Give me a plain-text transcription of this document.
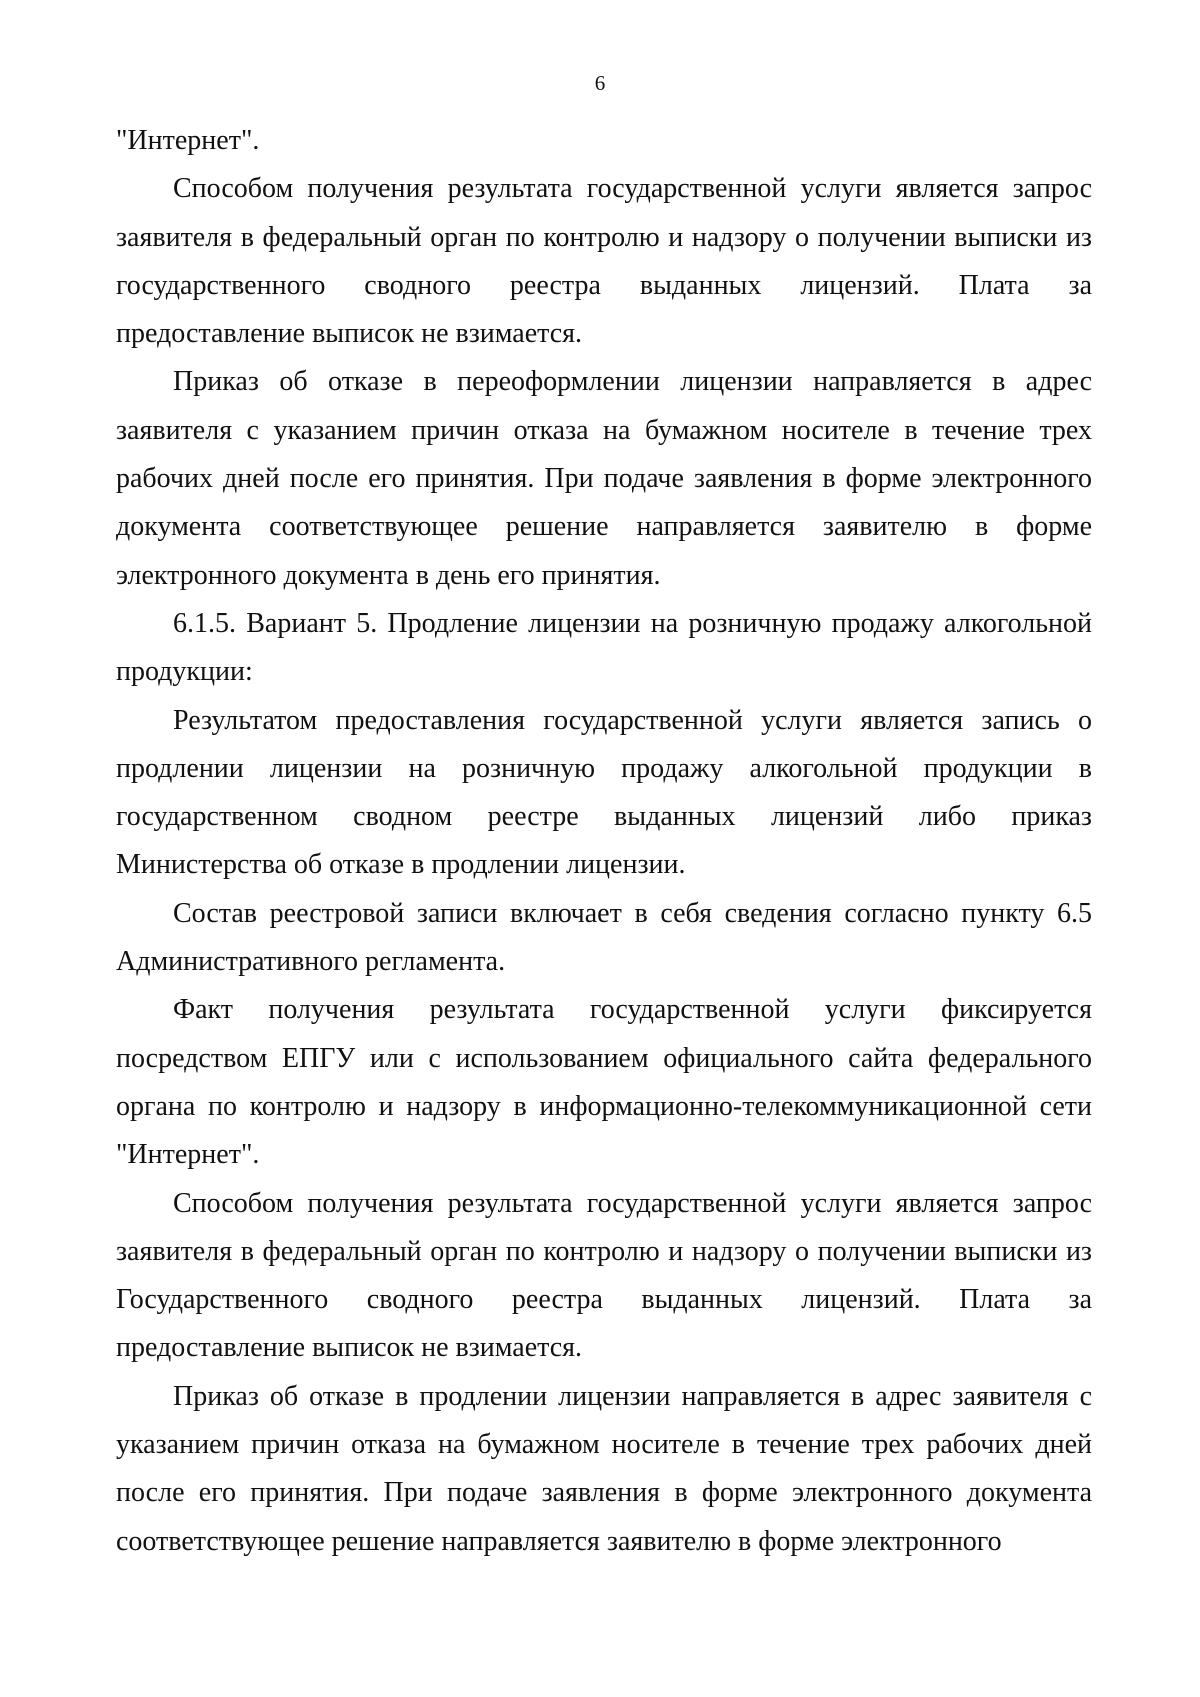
6

"Интернет".

Способом получения результата государственной услуги является запрос заявителя в федеральный орган по контролю и надзору о получении выписки из государственного сводного реестра выданных лицензий. Плата за предоставление выписок не взимается.

Приказ об отказе в переоформлении лицензии направляется в адрес заявителя с указанием причин отказа на бумажном носителе в течение трех рабочих дней после его принятия. При подаче заявления в форме электронного документа соответствующее решение направляется заявителю в форме электронного документа в день его принятия.

6.1.5. Вариант 5. Продление лицензии на розничную продажу алкогольной продукции:

Результатом предоставления государственной услуги является запись о продлении лицензии на розничную продажу алкогольной продукции в государственном сводном реестре выданных лицензий либо приказ Министерства об отказе в продлении лицензии.

Состав реестровой записи включает в себя сведения согласно пункту 6.5 Административного регламента.

Факт получения результата государственной услуги фиксируется посредством ЕПГУ или с использованием официального сайта федерального органа по контролю и надзору в информационно-телекоммуникационной сети "Интернет".

Способом получения результата государственной услуги является запрос заявителя в федеральный орган по контролю и надзору о получении выписки из Государственного сводного реестра выданных лицензий. Плата за предоставление выписок не взимается.

Приказ об отказе в продлении лицензии направляется в адрес заявителя с указанием причин отказа на бумажном носителе в течение трех рабочих дней после его принятия. При подаче заявления в форме электронного документа соответствующее решение направляется заявителю в форме электронного
